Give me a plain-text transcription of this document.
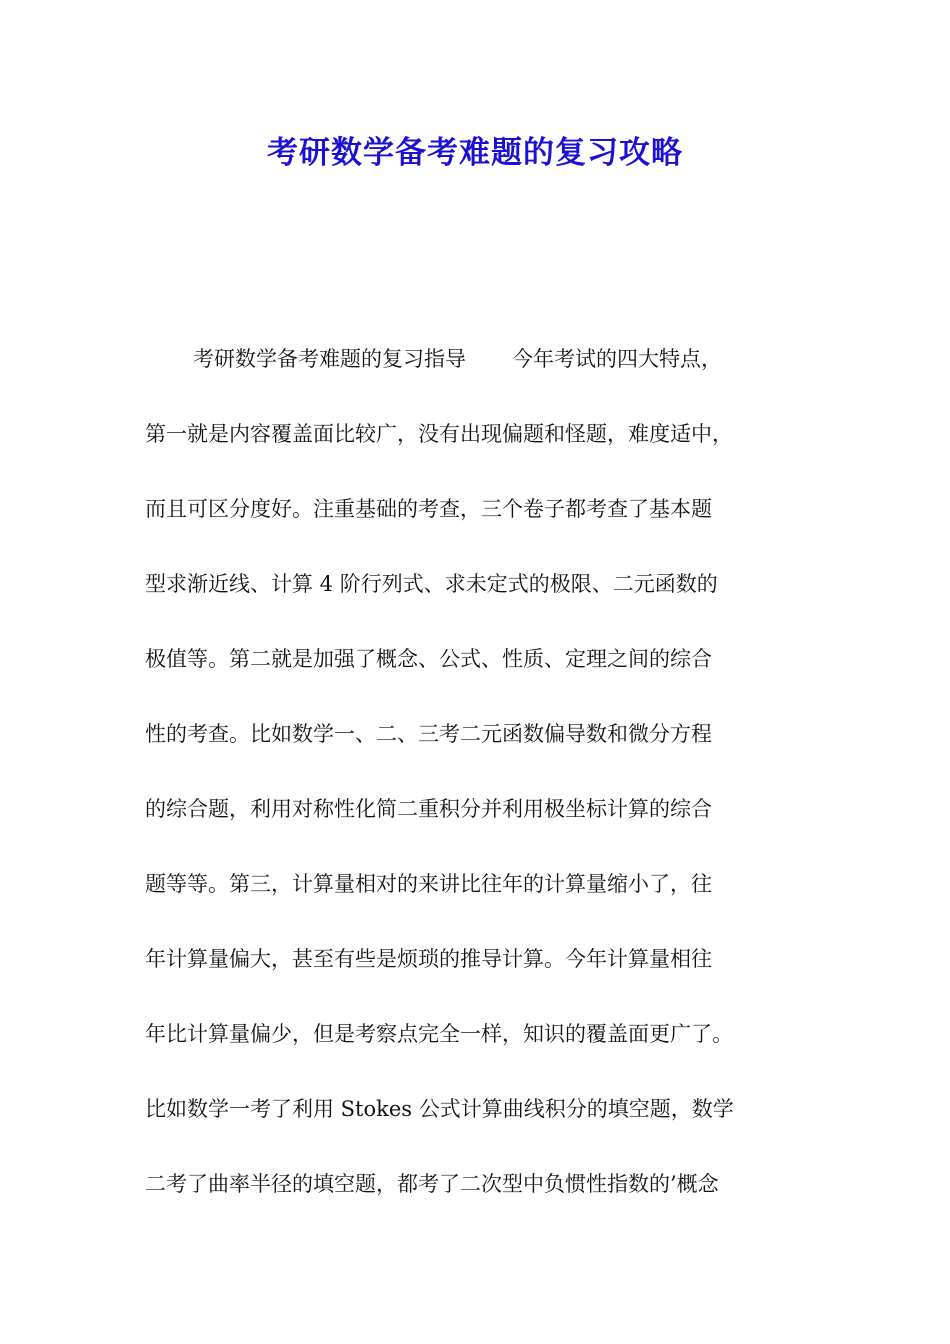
考研数学备考难题的复习攻略
考研数学备考难题的复习指导 今年考试的四大特点，
第一就是内容覆盖面比较广，没有出现偏题和怪题，难度适中，
而且可区分度好。注重基础的考查，三个卷子都考查了基本题
型求渐近线、计算 4 阶行列式、求未定式的极限、二元函数的
极值等。第二就是加强了概念、公式、性质、定理之间的综合
性的考查。比如数学一、二、三考二元函数偏导数和微分方程
的综合题，利用对称性化简二重积分并利用极坐标计算的综合
题等等。第三，计算量相对的来讲比往年的计算量缩小了，往
年计算量偏大，甚至有些是烦琐的推导计算。今年计算量相往
年比计算量偏少，但是考察点完全一样，知识的覆盖面更广了。
比如数学一考了利用 Stokes 公式计算曲线积分的填空题，数学
二考了曲率半径的填空题，都考了二次型中负惯性指数的’概念
